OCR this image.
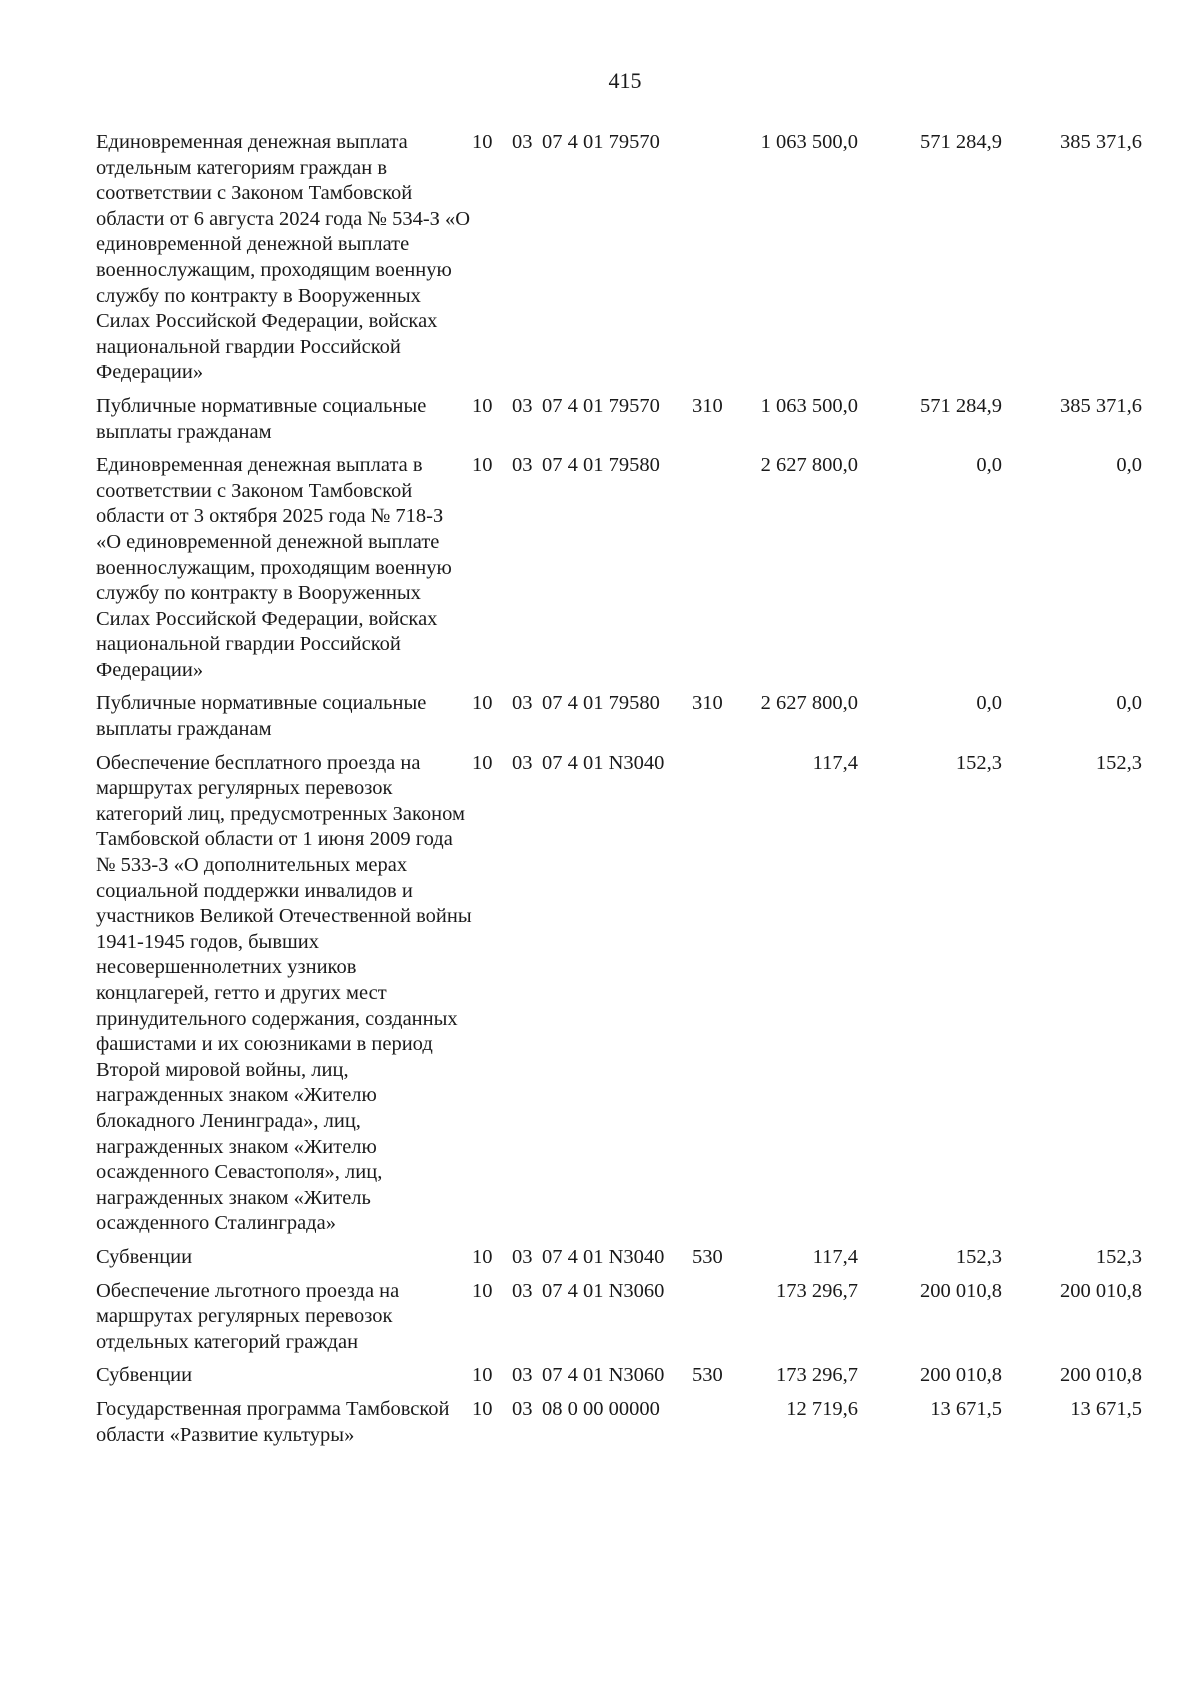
415
Единовременная денежная выплата отдельным категориям граждан в соответствии с Законом Тамбовской области от 6 августа 2024 года № 534-З «О единовременной денежной выплате военнослужащим, проходящим военную службу по контракту в Вооруженных Силах Российской Федерации, войсках национальной гвардии Российской Федерации»	10	03	07 4 01 79570		1 063 500,0	571 284,9	385 371,6
Публичные нормативные социальные выплаты гражданам	10	03	07 4 01 79570	310	1 063 500,0	571 284,9	385 371,6
Единовременная денежная выплата в соответствии с Законом Тамбовской области от 3 октября 2025 года № 718-З «О единовременной денежной выплате военнослужащим, проходящим военную службу по контракту в Вооруженных Силах Российской Федерации, войсках национальной гвардии Российской Федерации»	10	03	07 4 01 79580		2 627 800,0	0,0	0,0
Публичные нормативные социальные выплаты гражданам	10	03	07 4 01 79580	310	2 627 800,0	0,0	0,0
Обеспечение бесплатного проезда на маршрутах регулярных перевозок категорий лиц, предусмотренных Законом Тамбовской области от 1 июня 2009 года № 533-З «О дополнительных мерах социальной поддержки инвалидов и участников Великой Отечественной войны 1941-1945 годов, бывших несовершеннолетних узников концлагерей, гетто и других мест принудительного содержания, созданных фашистами и их союзниками в период Второй мировой войны, лиц, награжденных знаком «Жителю блокадного Ленинграда», лиц, награжденных знаком «Жителю осажденного Севастополя», лиц, награжденных знаком «Житель осажденного Сталинграда»	10	03	07 4 01 N3040		117,4	152,3	152,3
Субвенции	10	03	07 4 01 N3040	530	117,4	152,3	152,3
Обеспечение льготного проезда на маршрутах регулярных перевозок отдельных категорий граждан	10	03	07 4 01 N3060		173 296,7	200 010,8	200 010,8
Субвенции	10	03	07 4 01 N3060	530	173 296,7	200 010,8	200 010,8
Государственная программа Тамбовской области «Развитие культуры»	10	03	08 0 00 00000		12 719,6	13 671,5	13 671,5
